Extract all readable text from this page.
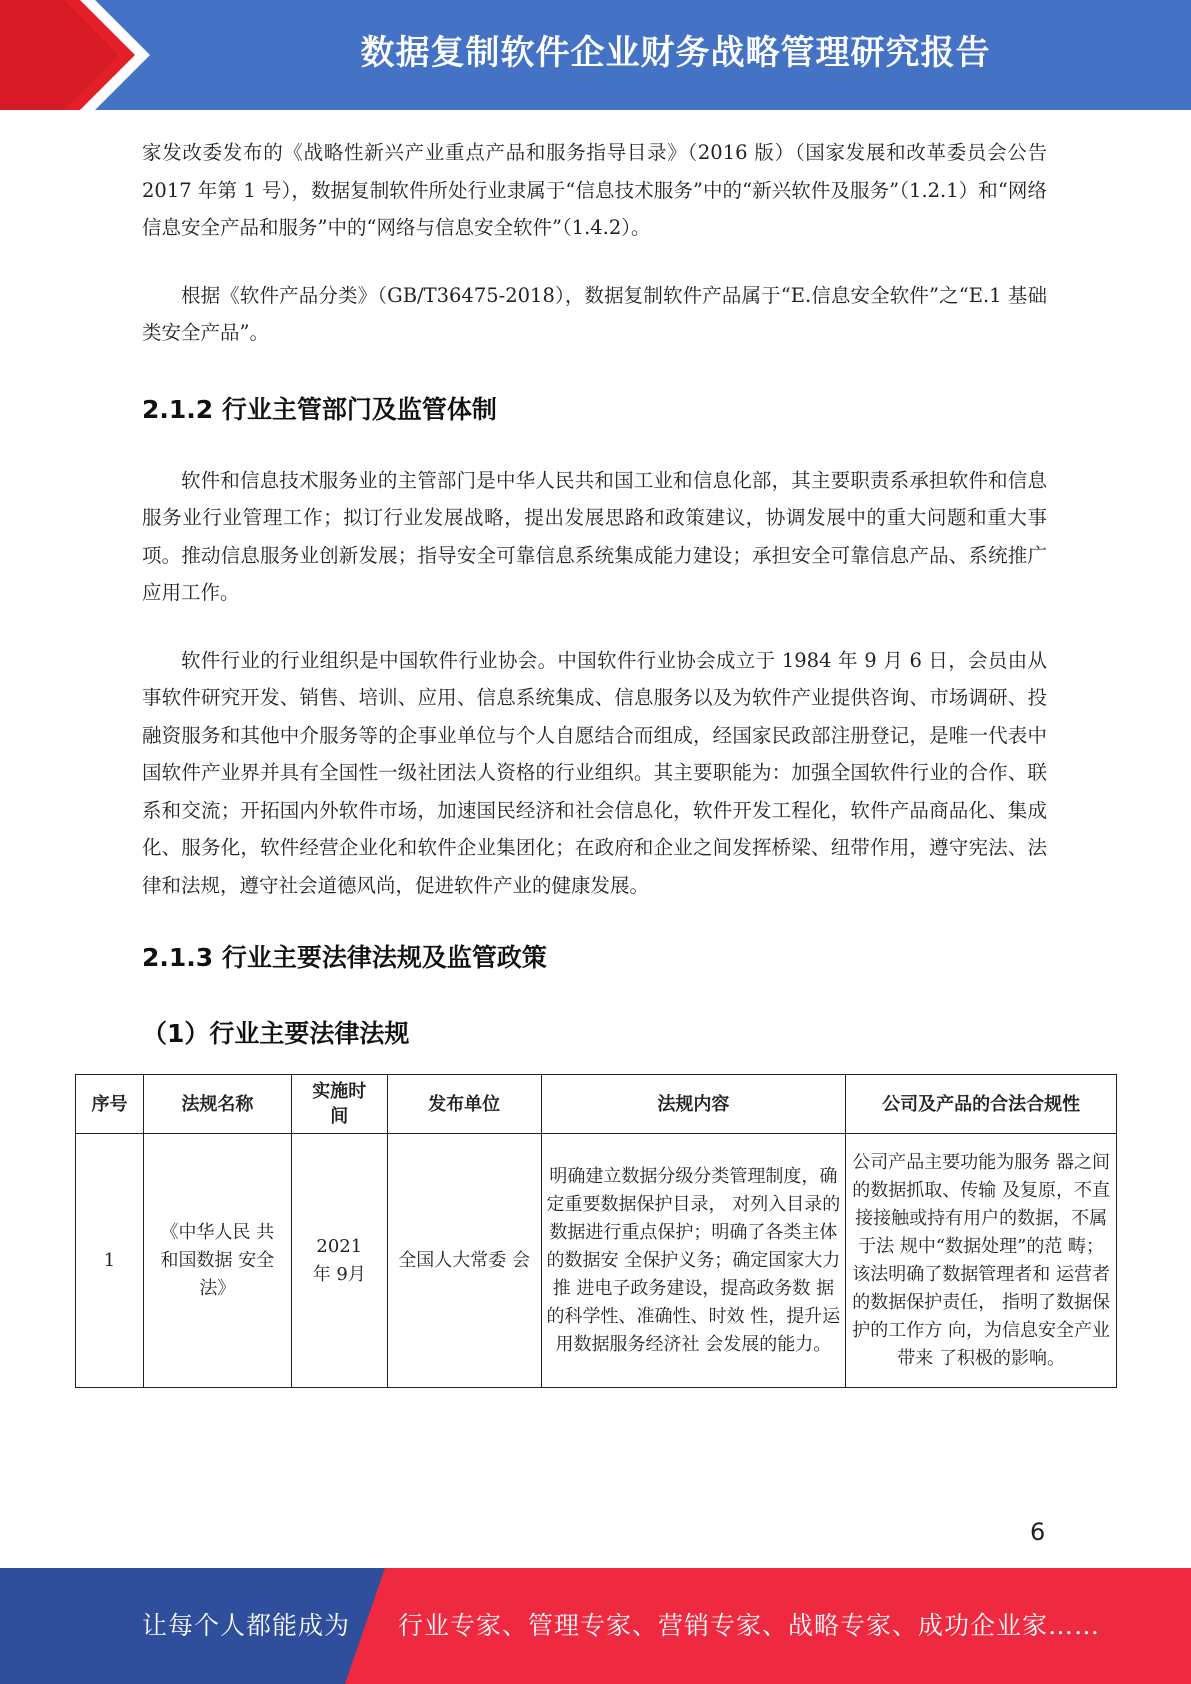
数据复制软件企业财务战略管理研究报告

家发改委发布的《战略性新兴产业重点产品和服务指导目录》（2016 版）（国家发展和改革委员会公告 2017 年第 1 号），数据复制软件所处行业隶属于“信息技术服务”中的“新兴软件及服务”（1.2.1）和“网络信息安全产品和服务”中的“网络与信息安全软件”（1.4.2）。

根据《软件产品分类》（GB/T36475-2018），数据复制软件产品属于“E.信息安全软件”之“E.1 基础类安全产品”。

2.1.2 行业主管部门及监管体制

软件和信息技术服务业的主管部门是中华人民共和国工业和信息化部，其主要职责系承担软件和信息服务业行业管理工作；拟订行业发展战略，提出发展思路和政策建议，协调发展中的重大问题和重大事项。推动信息服务业创新发展；指导安全可靠信息系统集成能力建设；承担安全可靠信息产品、系统推广应用工作。

软件行业的行业组织是中国软件行业协会。中国软件行业协会成立于 1984 年 9 月 6 日，会员由从事软件研究开发、销售、培训、应用、信息系统集成、信息服务以及为软件产业提供咨询、市场调研、投融资服务和其他中介服务等的企事业单位与个人自愿结合而组成，经国家民政部注册登记，是唯一代表中国软件产业界并具有全国性一级社团法人资格的行业组织。其主要职能为：加强全国软件行业的合作、联系和交流；开拓国内外软件市场，加速国民经济和社会信息化，软件开发工程化，软件产品商品化、集成化、服务化，软件经营企业化和软件企业集团化；在政府和企业之间发挥桥梁、纽带作用，遵守宪法、法律和法规，遵守社会道德风尚，促进软件产业的健康发展。

2.1.3 行业主要法律法规及监管政策
（1）行业主要法律法规
序号	法规名称	实施时间	发布单位	法规内容	公司及产品的合法合规性
1	《中华人民 共和国数据 安全法》	2021 年 9月	全国人大常委 会	明确建立数据分级分类管理制度，确定重要数据保护目录， 对列入目录的数据进行重点保护；明确了各类主体的数据安 全保护义务；确定国家大力推 进电子政务建设，提高政务数 据的科学性、准确性、时效 性，提升运用数据服务经济社 会发展的能力。	公司产品主要功能为服务 器之间的数据抓取、传输 及复原，不直接接触或持有用户的数据，不属于法 规中“数据处理”的范 畴； 该法明确了数据管理者和 运营者的数据保护责任， 指明了数据保护的工作方 向，为信息安全产业带来 了积极的影响。
6
让每个人都能成为 行业专家、管理专家、营销专家、战略专家、成功企业家……
